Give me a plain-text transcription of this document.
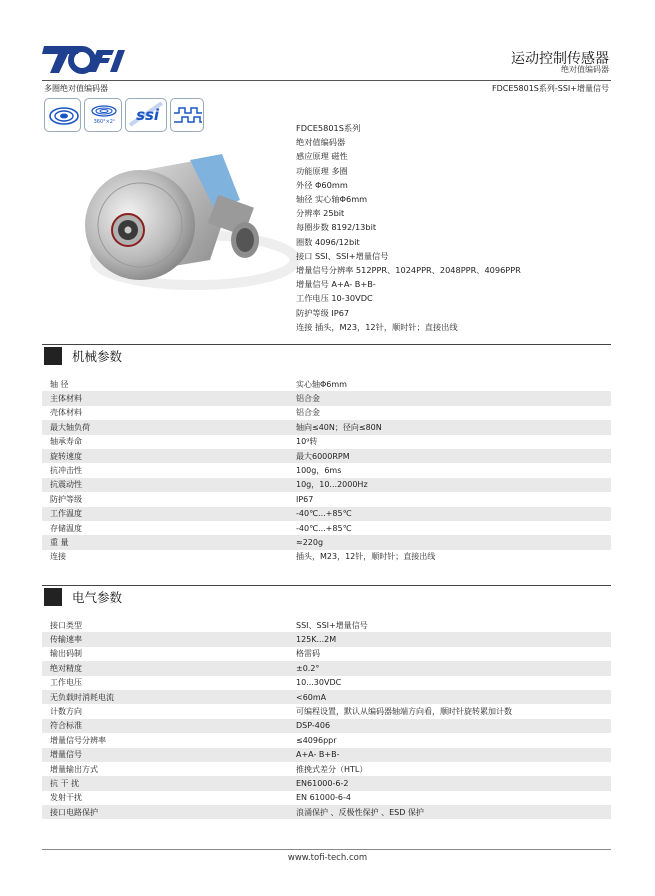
运动控制传感器
绝对值编码器
多圈绝对值编码器	FDCE5801S系列-SSI+增量信号
360°×2ⁿ	ssi
FDCE5801S系列
绝对值编码器
感应原理 磁性
功能原理 多圈
外径 Φ60mm
轴径 实心轴Φ6mm
分辨率 25bit
每圈步数 8192/13bit
圈数 4096/12bit
接口 SSI、SSI+增量信号
增量信号分辨率 512PPR、1024PPR、2048PPR、4096PPR
增量信号 A+A- B+B-
工作电压 10-30VDC
防护等级 IP67
连接 插头，M23，12针，顺时针；直接出线
机械参数
轴 径	实心轴Φ6mm
主体材料	铝合金
壳体材料	铝合金
最大轴负荷	轴向≤40N；径向≤80N
轴承寿命	10⁹转
旋转速度	最大6000RPM
抗冲击性	100g，6ms
抗震动性	10g，10...2000Hz
防护等级	IP67
工作温度	-40℃...+85℃
存储温度	-40℃...+85℃
重 量	≈220g
连接	插头，M23，12针，顺时针；直接出线
电气参数
接口类型	SSI、SSI+增量信号
传输速率	125K...2M
输出码制	格雷码
绝对精度	±0.2°
工作电压	10...30VDC
无负载时消耗电流	<60mA
计数方向	可编程设置，默认从编码器轴端方向看，顺时针旋转累加计数
符合标准	DSP-406
增量信号分辨率	≤4096ppr
增量信号	A+A- B+B-
增量输出方式	推挽式差分（HTL）
抗 干 扰	EN61000-6-2
发射干扰	EN 61000-6-4
接口电路保护	浪涌保护 、反极性保护 、ESD 保护
www.tofi-tech.com
